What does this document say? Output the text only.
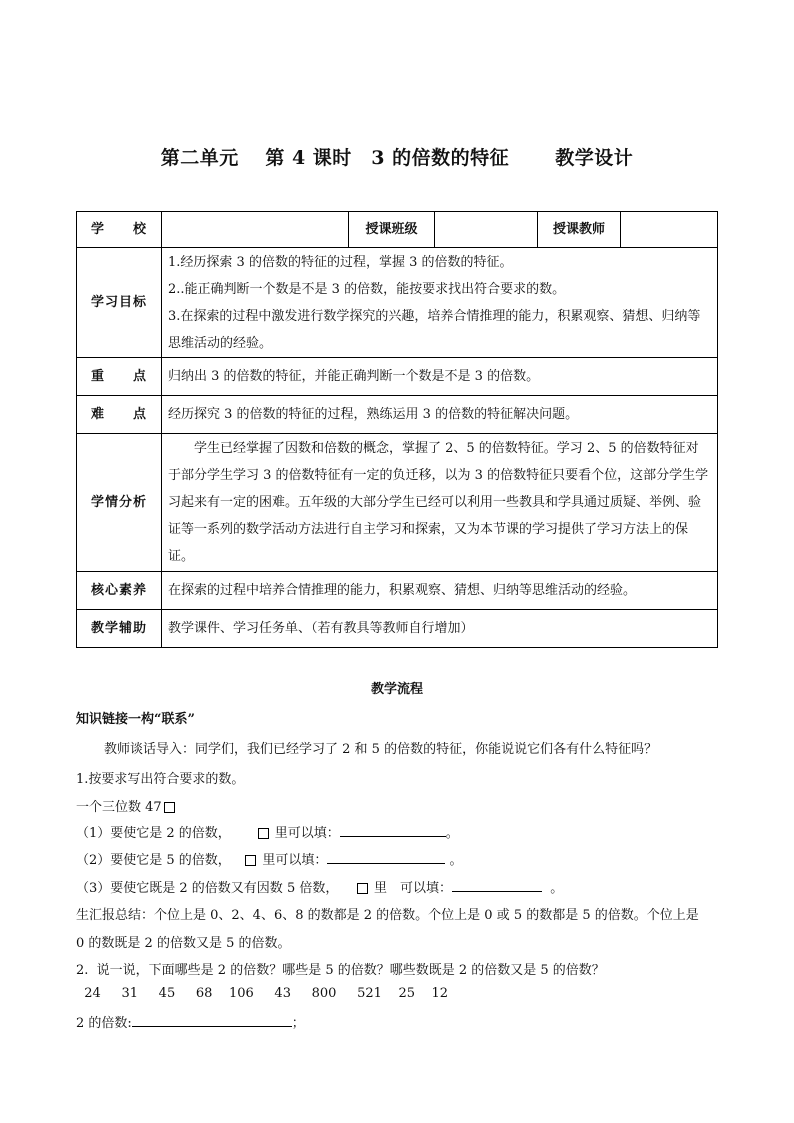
第二单元　 第 4 课时　3 的倍数的特征　　 教学设计
学　　校		授课班级		授课教师	
学习目标	1.经历探索 3 的倍数的特征的过程，掌握 3 的倍数的特征。
2..能正确判断一个数是不是 3 的倍数，能按要求找出符合要求的数。
3.在探索的过程中激发进行数学探究的兴趣，培养合情推理的能力，积累观察、猜想、归纳等思维活动的经验。				

重　　点	归纳出 3 的倍数的特征，并能正确判断一个数是不是 3 的倍数。				
难　　点	经历探究 3 的倍数的特征的过程，熟练运用 3 的倍数的特征解决问题。				
学情分析	学生已经掌握了因数和倍数的概念，掌握了 2、5 的倍数特征。学习 2、5 的倍数特征对于部分学生学习 3 的倍数特征有一定的负迁移，以为 3 的倍数特征只要看个位，这部分学生学习起来有一定的困难。五年级的大部分学生已经可以利用一些教具和学具通过质疑、举例、验证等一系列的数学活动方法进行自主学习和探索，又为本节课的学习提供了学习方法上的保证。				
核心素养	在探索的过程中培养合情推理的能力，积累观察、猜想、归纳等思维活动的经验。				
教学辅助	教学课件、学习任务单、（若有教具等教师自行增加）				
教学流程
知识链接一构“联系”
教师谈话导入：同学们，我们已经学习了 2 和 5 的倍数的特征，你能说说它们各有什么特征吗？
1.按要求写出符合要求的数。
一个三位数 47
（1）要使它是 2 的倍数，	里可以填：	。
（2）要使它是 5 的倍数，    里可以填：	。
（3）要使它既是 2 的倍数又有因数 5 倍数，     里　可以填：	。
生汇报总结：个位上是 0、2、4、6、8 的数都是 2 的倍数。个位上是 0 或 5 的数都是 5 的倍数。个位上是
0 的数既是 2 的倍数又是 5 的倍数。
2.  说一说，下面哪些是 2 的倍数？哪些是 5 的倍数？哪些数既是 2 的倍数又是 5 的倍数？
24     31     45     68    106     43     800     521    25    12
2 的倍数:	；
